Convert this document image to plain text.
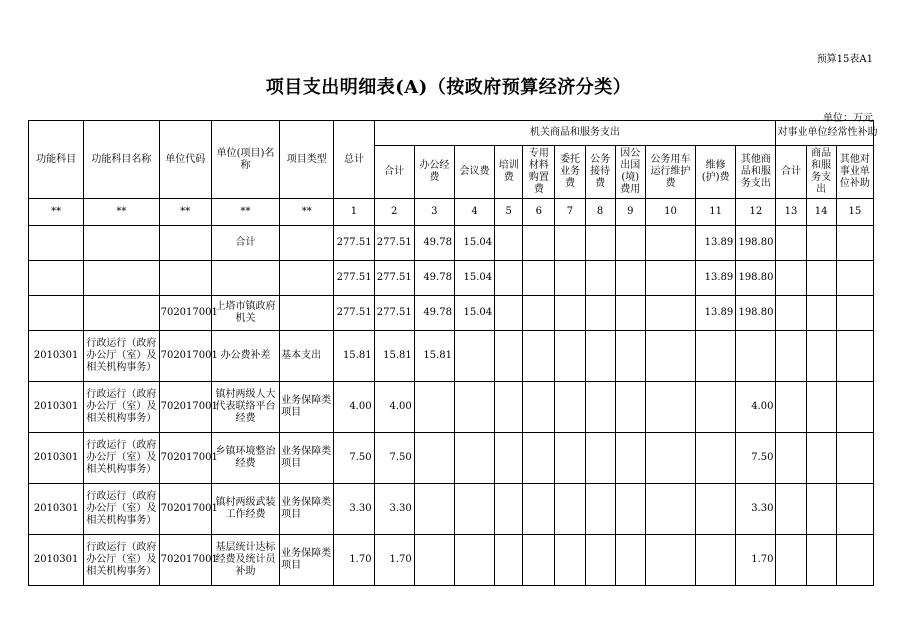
预算15表A1
项目支出明细表(A)（按政府预算经济分类）
单位：万元
功能科目	功能科目名称	单位代码	单位(项目)名称	项目类型	总计	机关商品和服务支出											对事业单位经常性补助		
						合计	办公经费	会议费	培训费	专用材料购置费	委托业务费	公务接待费	因公出国(境)费用	公务用车运行维护费	维修(护)费	其他商品和服务支出	合计	商品和服务支出	其他对事业单位补助
**	**	**	**	**	1	2	3	4	5	6	7	8	9	10	11	12	13	14	15
			合计		277.51	277.51	49.78	15.04							13.89	198.80			
					277.51	277.51	49.78	15.04							13.89	198.80			
		702017001	上塔市镇政府机关		277.51	277.51	49.78	15.04							13.89	198.80			
2010301	行政运行（政府办公厅（室）及相关机构事务）	702017001	办公费补差	基本支出	15.81	15.81	15.81												
2010301	行政运行（政府办公厅（室）及相关机构事务）	702017001	镇村两级人大代表联络平台经费	业务保障类项目	4.00	4.00										4.00			
2010301	行政运行（政府办公厅（室）及相关机构事务）	702017001	乡镇环境整治经费	业务保障类项目	7.50	7.50										7.50			
2010301	行政运行（政府办公厅（室）及相关机构事务）	702017001	镇村两级武装工作经费	业务保障类项目	3.30	3.30										3.30			
2010301	行政运行（政府办公厅（室）及相关机构事务）	702017001	基层统计达标经费及统计员补助	业务保障类项目	1.70	1.70										1.70			
